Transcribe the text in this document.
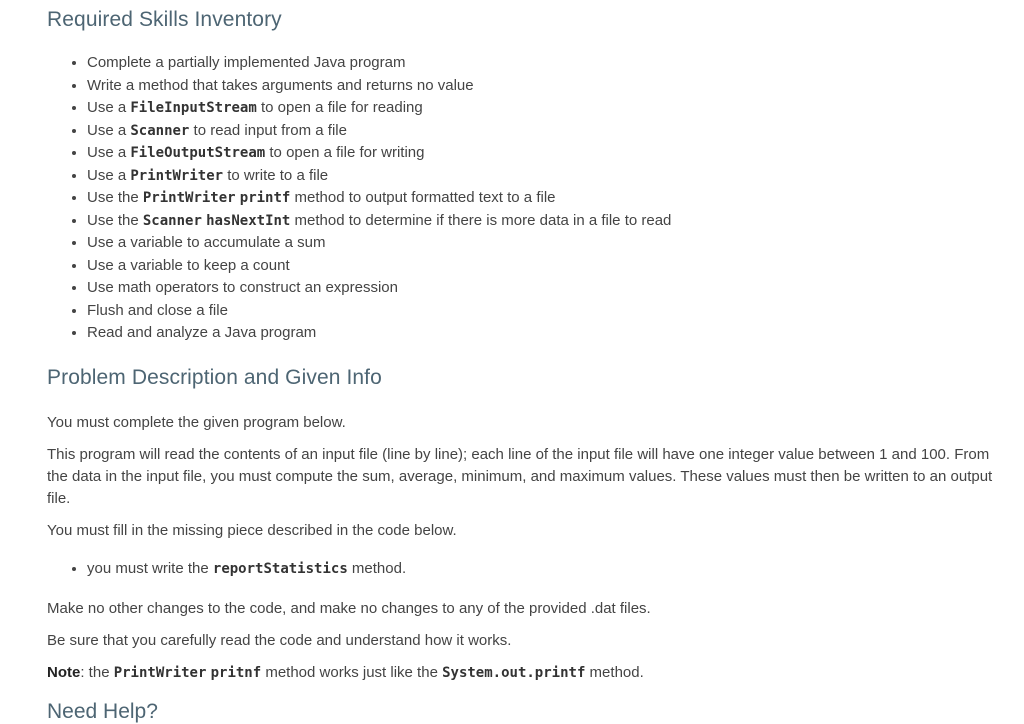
Required Skills Inventory
• Complete a partially implemented Java program
• Write a method that takes arguments and returns no value
• Use a FileInputStream to open a file for reading
• Use a Scanner to read input from a file
• Use a FileOutputStream to open a file for writing
• Use a PrintWriter to write to a file
• Use the PrintWriter printf method to output formatted text to a file
• Use the Scanner hasNextInt method to determine if there is more data in a file to read
• Use a variable to accumulate a sum
• Use a variable to keep a count
• Use math operators to construct an expression
• Flush and close a file
• Read and analyze a Java program
Problem Description and Given Info

You must complete the given program below.

This program will read the contents of an input file (line by line); each line of the input file will have one integer value between 1 and 100. From the data in the input file, you must compute the sum, average, minimum, and maximum values. These values must then be written to an output file.

You must fill in the missing piece described in the code below.

• you must write the reportStatistics method.

Make no other changes to the code, and make no changes to any of the provided .dat files.

Be sure that you carefully read the code and understand how it works.

Note: the PrintWriter pritnf method works just like the System.out.printf method.

Need Help?
